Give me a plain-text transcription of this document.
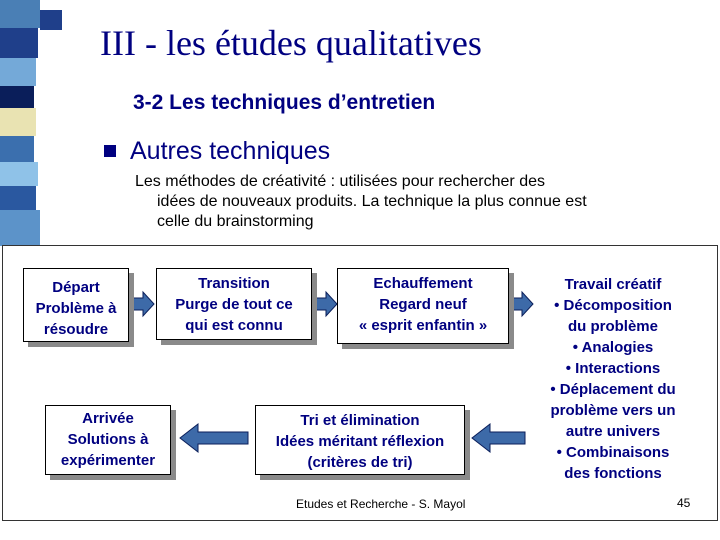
III - les études qualitatives
3-2 Les techniques d’entretien
Autres techniques
Les méthodes de créativité : utilisées pour rechercher des
idées de nouveaux produits. La technique la plus connue est
celle du brainstorming
Départ
Problème à
résoudre
Transition
Purge de tout ce
qui est connu
Echauffement
Regard neuf
« esprit enfantin »
Travail créatif
• Décomposition
du problème
• Analogies
• Interactions
• Déplacement du
problème vers un
autre univers
• Combinaisons
des fonctions
Tri et élimination
Idées méritant réflexion
(critères de tri)
Arrivée
Solutions à
expérimenter
Etudes et Recherche - S. Mayol	45
